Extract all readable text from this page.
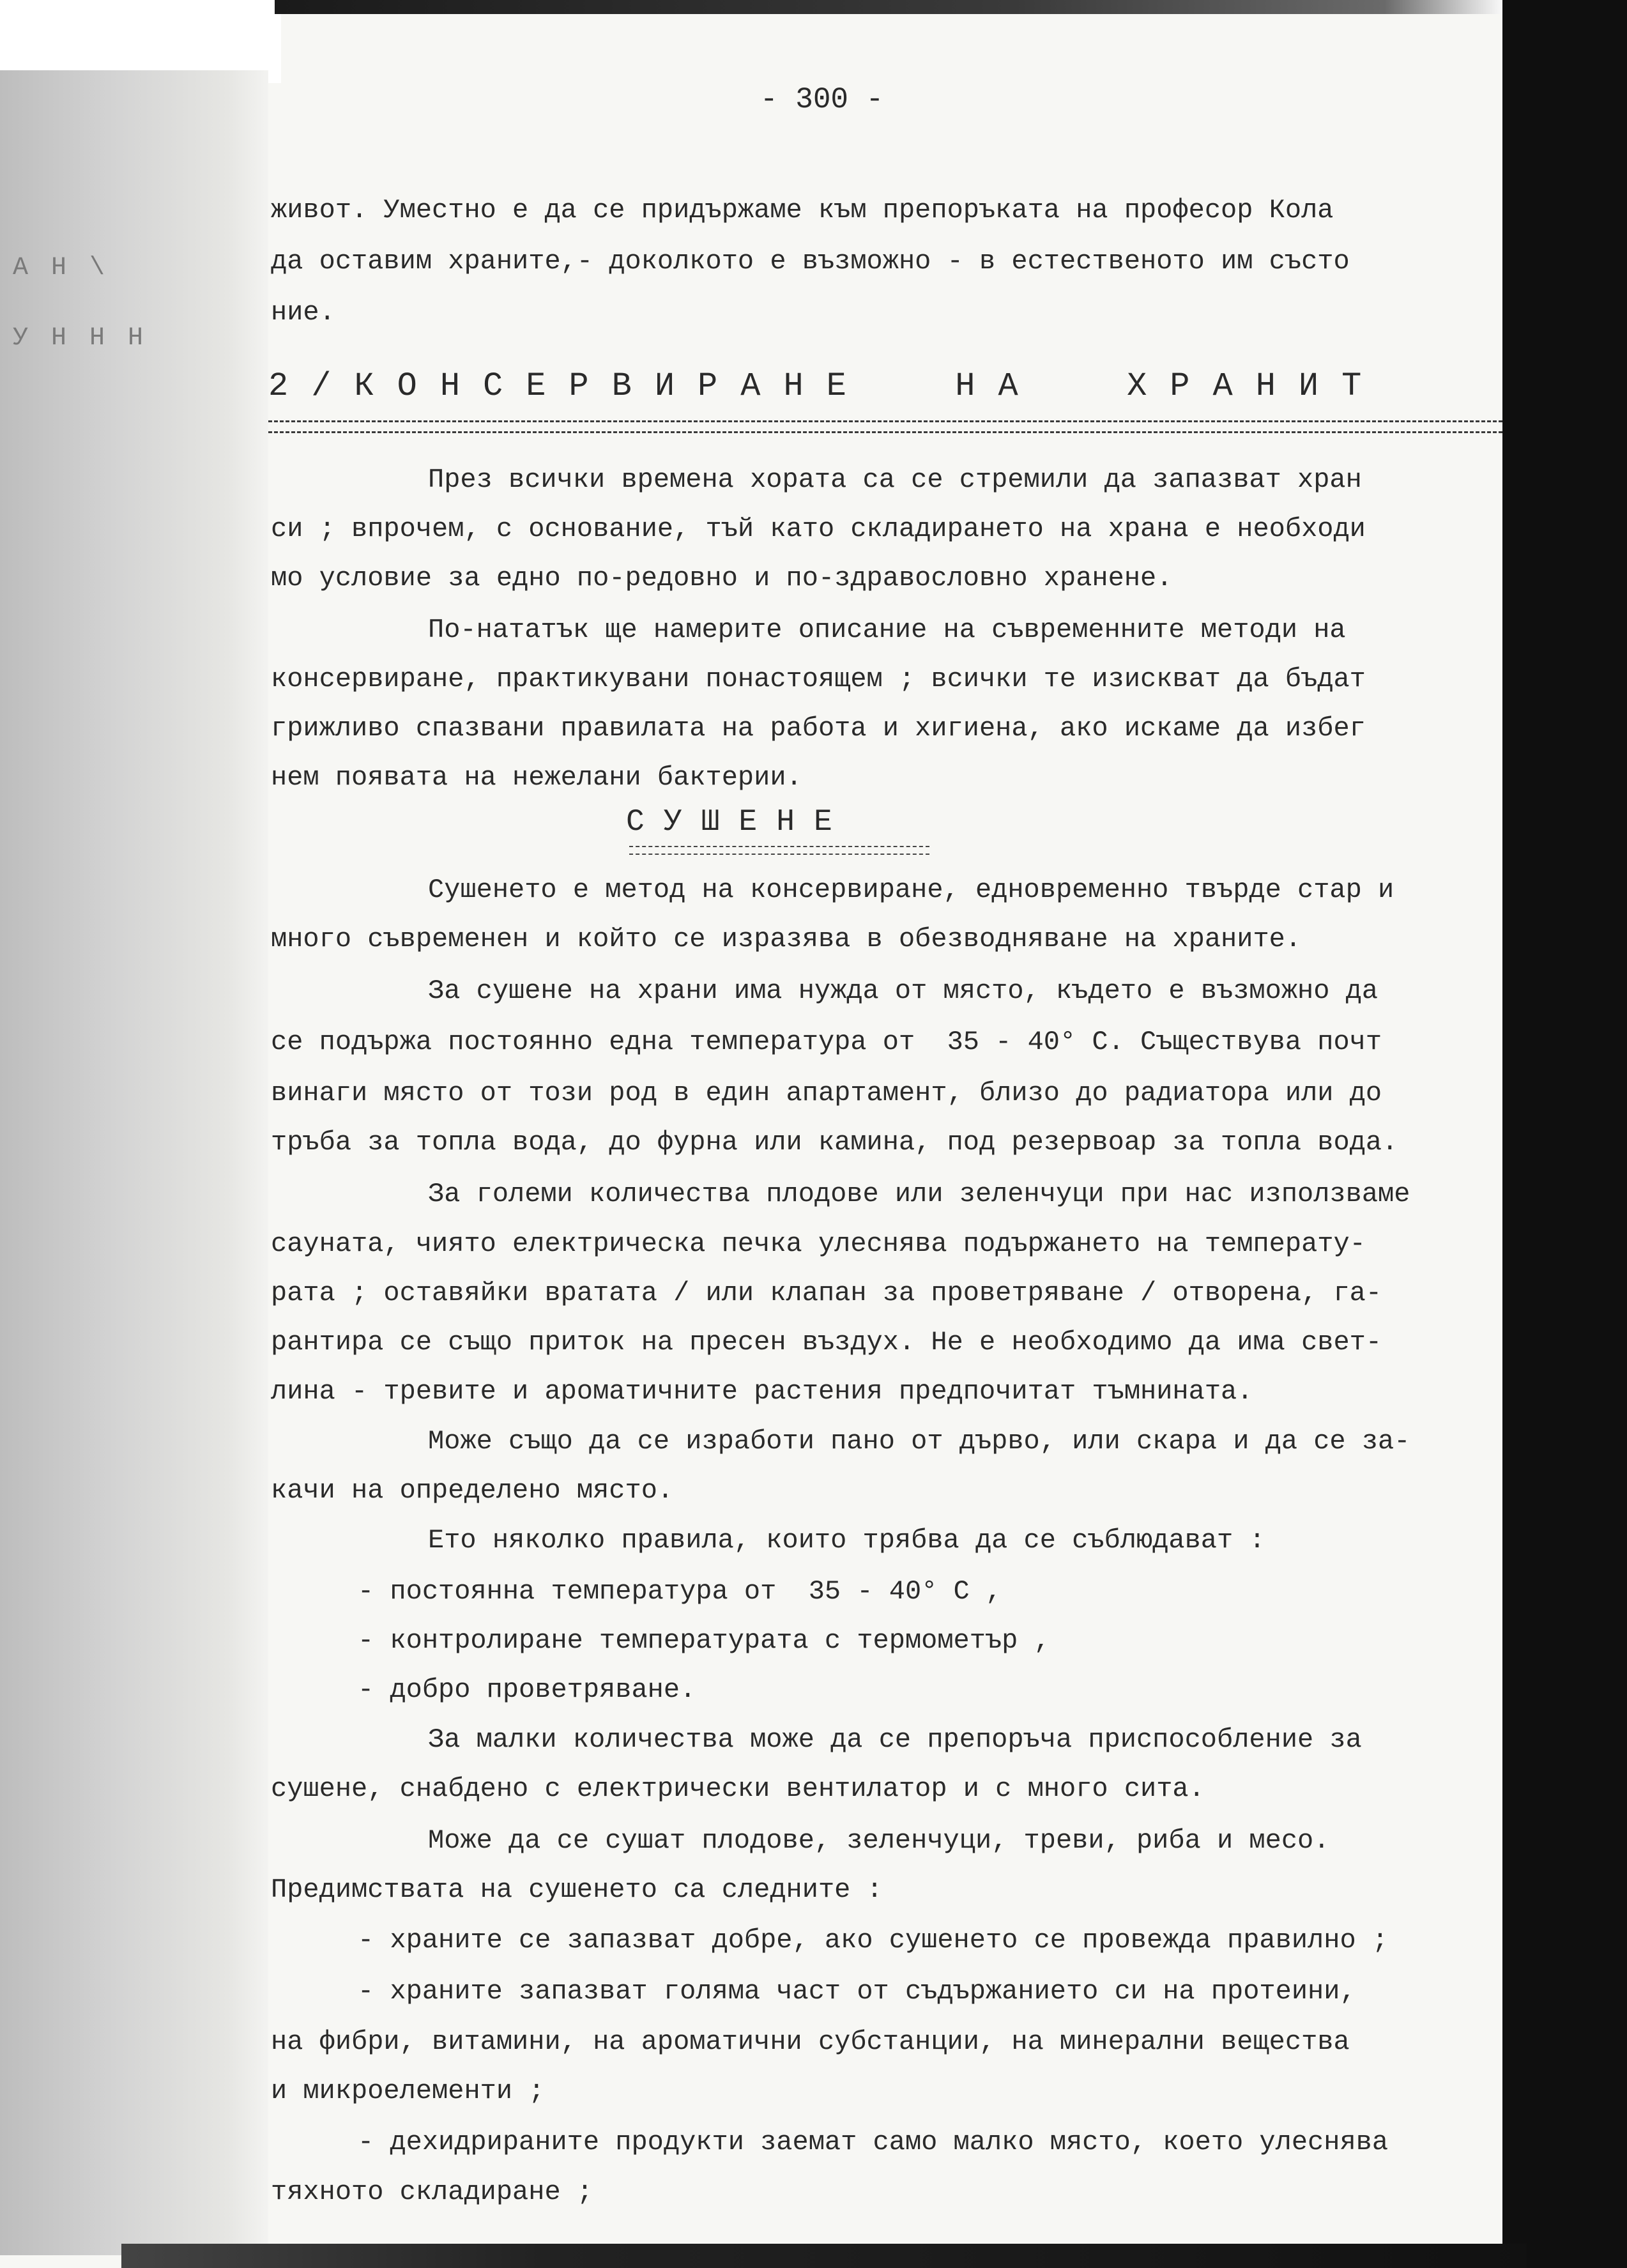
А Н \
У Н Н Н
- 300 -
живот. Уместно е да се придържаме към препоръката на професор Кола
да оставим храните,- доколкото е възможно - в естественото им състо
ние.
2/КОНСЕРВИРАНЕ  НА  ХРАНИТ
През всички времена хората са се стремили да запазват хран
си ; впрочем, с основание, тъй като складирането на храна е необходи
мо условие за едно по-редовно и по-здравословно хранене.
По-нататък ще намерите описание на съвременните методи на
консервиране, практикувани понастоящем ; всички те изискват да бъдат
грижливо спазвани правилата на работа и хигиена, ако искаме да избег
нем появата на нежелани бактерии.
СУШЕНЕ
Сушенето е метод на консервиране, едновременно твърде стар и
много съвременен и който се изразява в обезводняване на храните.
За сушене на храни има нужда от място, където е възможно да
се подържа постоянно една температура от  35 - 40° C. Съществува почт
винаги място от този род в един апартамент, близо до радиатора или до
тръба за топла вода, до фурна или камина, под резервоар за топла вода.
За големи количества плодове или зеленчуци при нас използваме
сауната, чиято електрическа печка улеснява подържането на температу-
рата ; оставяйки вратата / или клапан за проветряване / отворена, га-
рантира се също приток на пресен въздух. Не е необходимо да има свет-
лина - тревите и ароматичните растения предпочитат тъмнината.
Може също да се изработи пано от дърво, или скара и да се за-
качи на определено място.
Ето няколко правила, които трябва да се съблюдават :
- постоянна температура от  35 - 40° C ,
- контролиране температурата с термометър ,
- добро проветряване.
За малки количества може да се препоръча приспособление за
сушене, снабдено с електрически вентилатор и с много сита.
Може да се сушат плодове, зеленчуци, треви, риба и месо.
Предимствата на сушенето са следните :
- храните се запазват добре, ако сушенето се провежда правилно ;
- храните запазват голяма част от съдържанието си на протеини,
на фибри, витамини, на ароматични субстанции, на минерални вещества
и микроелементи ;
- дехидрираните продукти заемат само малко място, което улеснява
тяхното складиране ;
